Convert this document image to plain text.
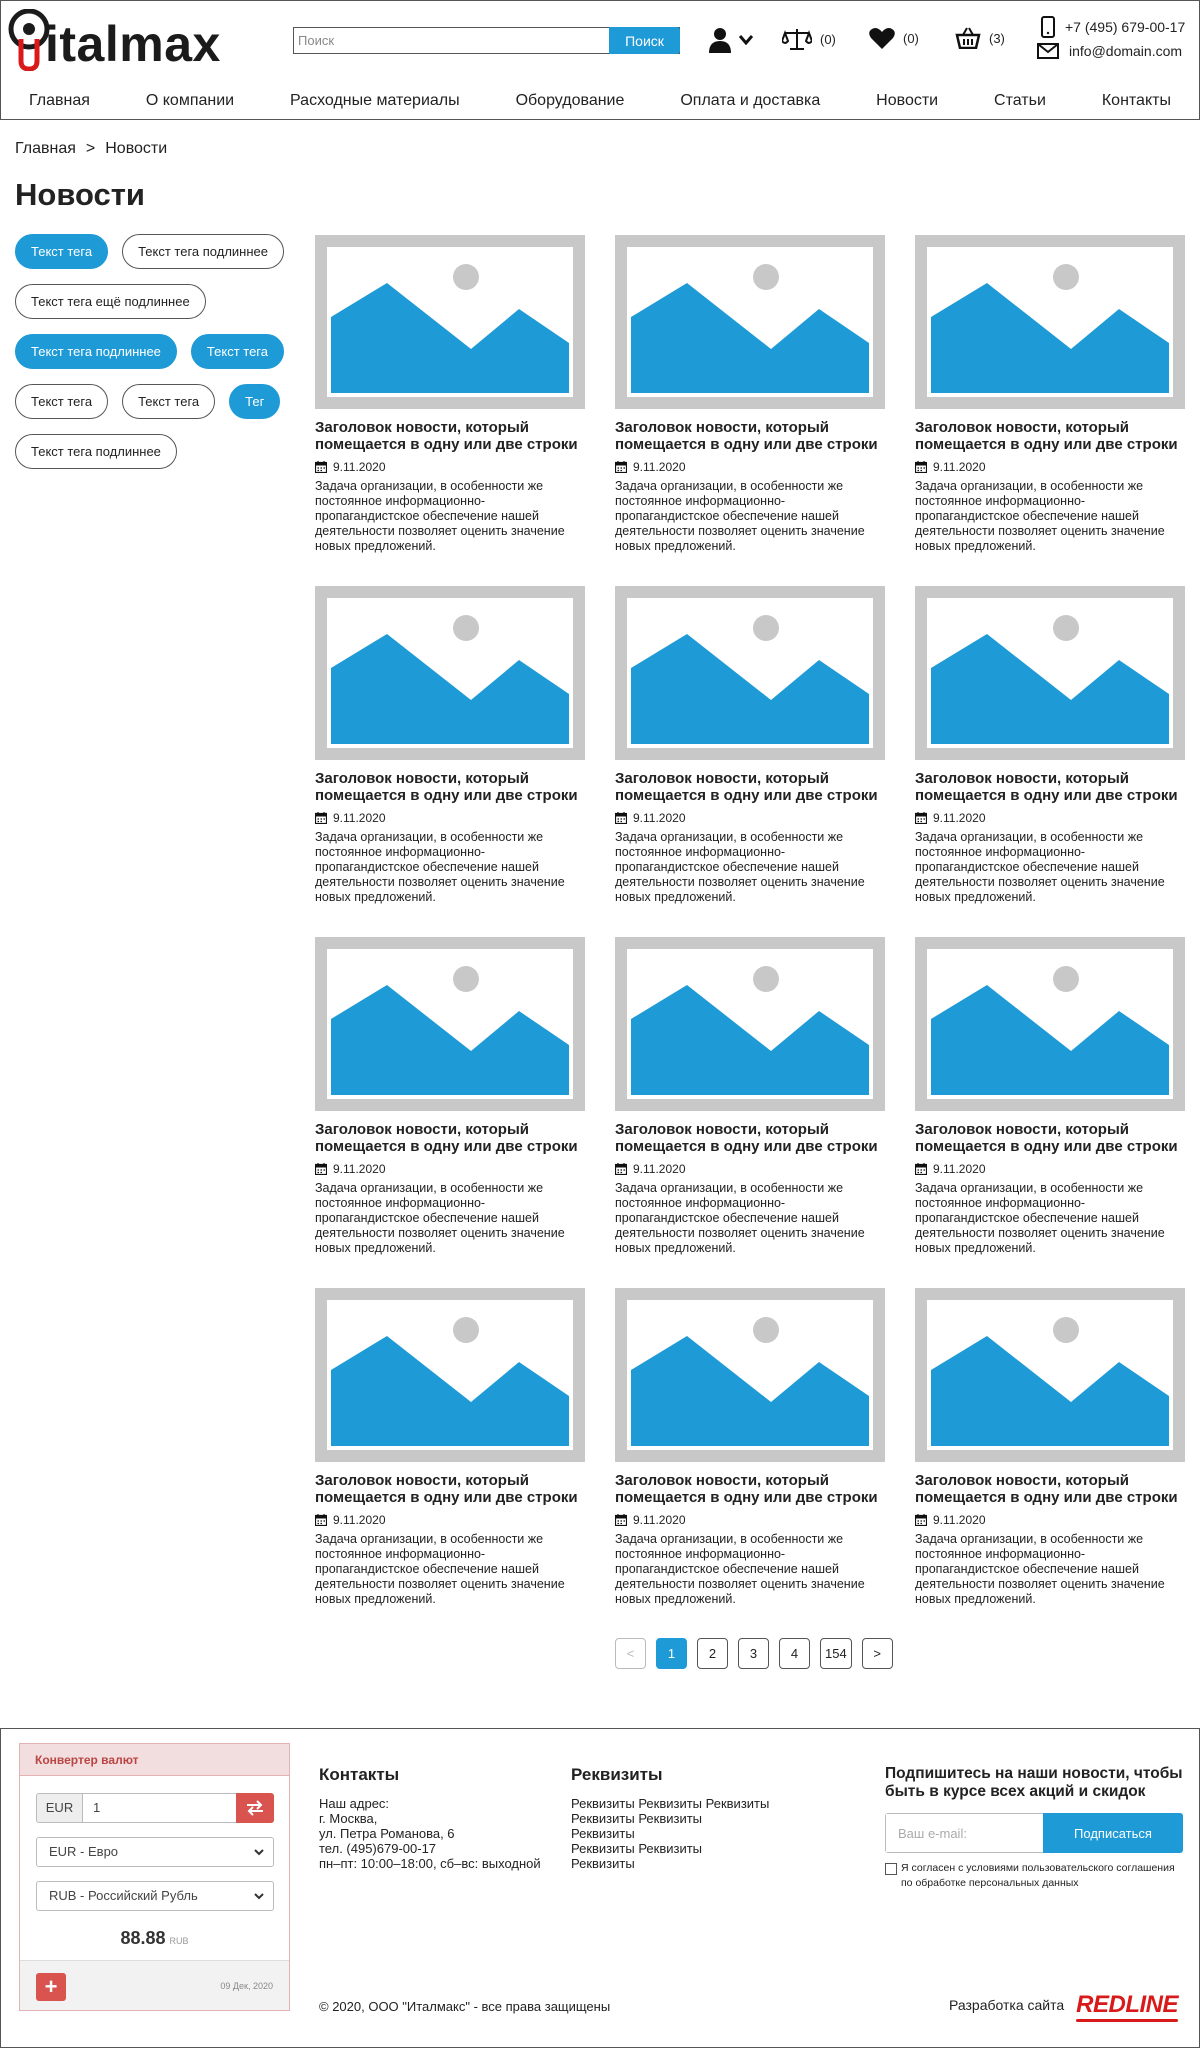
italmax
Поиск	Поиск	(0)	(0)	(3)
+7 (495) 679-00-17
info@domain.com
Главная	О компании	Расходные материалы	Оборудование	Оплата и доставка	Новости	Статьи	Контакты
Главная > Новости
Новости
Текст тега	Текст тега подлиннее
Текст тега ещё подлиннее
Текст тега подлиннее	Текст тега
Текст тега	Текст тега	Тег
Текст тега подлиннее
Заголовок новости, который помещается в одну или две строки
9.11.2020
Задача организации, в особенности же постоянное информационно-пропагандистское обеспечение нашей деятельности позволяет оценить значение новых предложений.
Заголовок новости, который помещается в одну или две строки
9.11.2020
Задача организации, в особенности же постоянное информационно-пропагандистское обеспечение нашей деятельности позволяет оценить значение новых предложений.
Заголовок новости, который помещается в одну или две строки
9.11.2020
Задача организации, в особенности же постоянное информационно-пропагандистское обеспечение нашей деятельности позволяет оценить значение новых предложений.
Заголовок новости, который помещается в одну или две строки
9.11.2020
Задача организации, в особенности же постоянное информационно-пропагандистское обеспечение нашей деятельности позволяет оценить значение новых предложений.
Заголовок новости, который помещается в одну или две строки
9.11.2020
Задача организации, в особенности же постоянное информационно-пропагандистское обеспечение нашей деятельности позволяет оценить значение новых предложений.
Заголовок новости, который помещается в одну или две строки
9.11.2020
Задача организации, в особенности же постоянное информационно-пропагандистское обеспечение нашей деятельности позволяет оценить значение новых предложений.
Заголовок новости, который помещается в одну или две строки
9.11.2020
Задача организации, в особенности же постоянное информационно-пропагандистское обеспечение нашей деятельности позволяет оценить значение новых предложений.
Заголовок новости, который помещается в одну или две строки
9.11.2020
Задача организации, в особенности же постоянное информационно-пропагандистское обеспечение нашей деятельности позволяет оценить значение новых предложений.
Заголовок новости, который помещается в одну или две строки
9.11.2020
Задача организации, в особенности же постоянное информационно-пропагандистское обеспечение нашей деятельности позволяет оценить значение новых предложений.
Заголовок новости, который помещается в одну или две строки
9.11.2020
Задача организации, в особенности же постоянное информационно-пропагандистское обеспечение нашей деятельности позволяет оценить значение новых предложений.
Заголовок новости, который помещается в одну или две строки
9.11.2020
Задача организации, в особенности же постоянное информационно-пропагандистское обеспечение нашей деятельности позволяет оценить значение новых предложений.
Заголовок новости, который помещается в одну или две строки
9.11.2020
Задача организации, в особенности же постоянное информационно-пропагандистское обеспечение нашей деятельности позволяет оценить значение новых предложений.
<	1	2	3	4	154	>
Конвертер валют
EUR	1
EUR - Евро
RUB - Российский Рубль
88.88 RUB
+	09 Дек, 2020
Контакты

Наш адрес:

г. Москва,

ул. Петра Романова, 6

тел. (495)679-00-17

пн–пт: 10:00–18:00, сб–вс: выходной

Реквизиты

Реквизиты Реквизиты Реквизиты

Реквизиты Реквизиты

Реквизиты

Реквизиты Реквизиты

Реквизиты

Подпишитесь на наши новости, чтобы быть в курсе всех акций и скидок
Ваш e-mail:
Подписаться
Я согласен с условиями пользовательского соглашения по обработке персональных данных
© 2020, ООО "Италмакс" - все права защищены	Разработка сайта REDLINE
